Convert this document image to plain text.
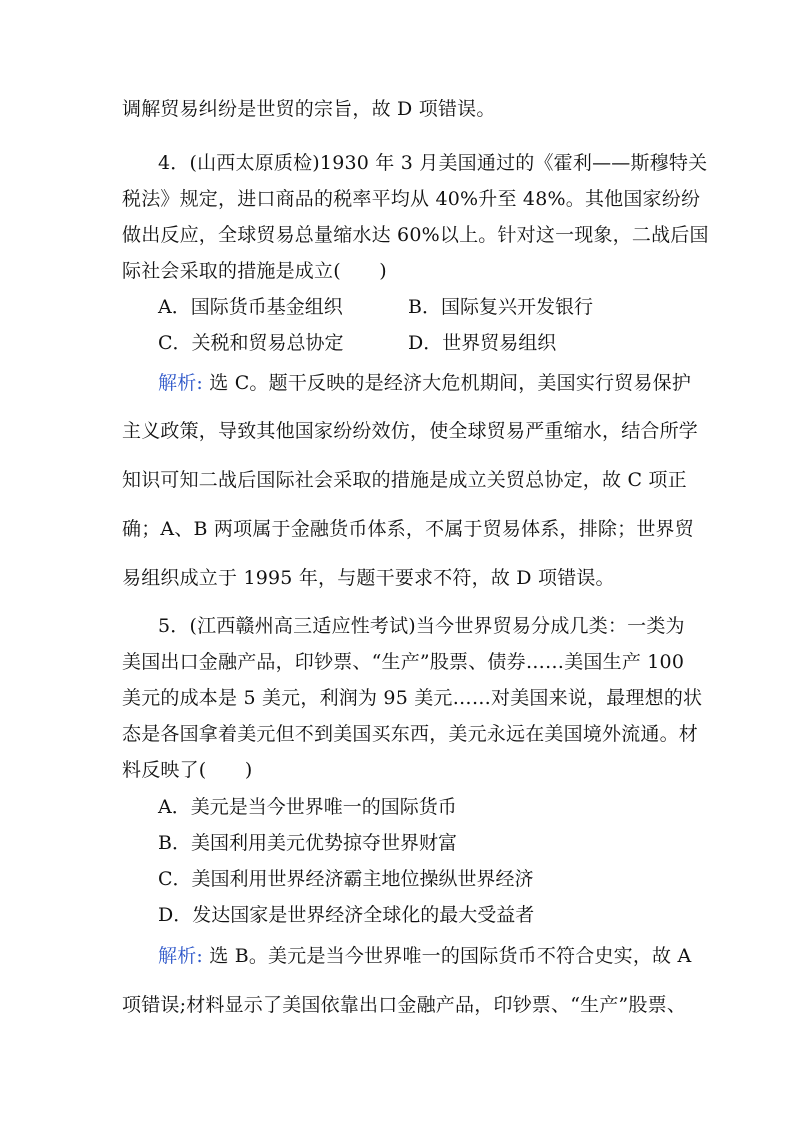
调解贸易纠纷是世贸的宗旨，故 D 项错误。
4．(山西太原质检)1930 年 3 月美国通过的《霍利——斯穆特关
税法》规定，进口商品的税率平均从 40%升至 48%。其他国家纷纷
做出反应，全球贸易总量缩水达 60%以上。针对这一现象，二战后国
际社会采取的措施是成立(　　)
A．国际货币基金组织	B．国际复兴开发银行
C．关税和贸易总协定	D．世界贸易组织
解析: 选 C。题干反映的是经济大危机期间，美国实行贸易保护
主义政策，导致其他国家纷纷效仿，使全球贸易严重缩水，结合所学
知识可知二战后国际社会采取的措施是成立关贸总协定，故 C 项正
确；A、B 两项属于金融货币体系，不属于贸易体系，排除；世界贸
易组织成立于 1995 年，与题干要求不符，故 D 项错误。
5．(江西赣州高三适应性考试)当今世界贸易分成几类：一类为
美国出口金融产品，印钞票、“生产”股票、债券……美国生产 100
美元的成本是 5 美元，利润为 95 美元……对美国来说，最理想的状
态是各国拿着美元但不到美国买东西，美元永远在美国境外流通。材
料反映了(　　)
A．美元是当今世界唯一的国际货币
B．美国利用美元优势掠夺世界财富
C．美国利用世界经济霸主地位操纵世界经济
D．发达国家是世界经济全球化的最大受益者
解析: 选 B。美元是当今世界唯一的国际货币不符合史实，故 A
项错误;材料显示了美国依靠出口金融产品，印钞票、“生产”股票、
